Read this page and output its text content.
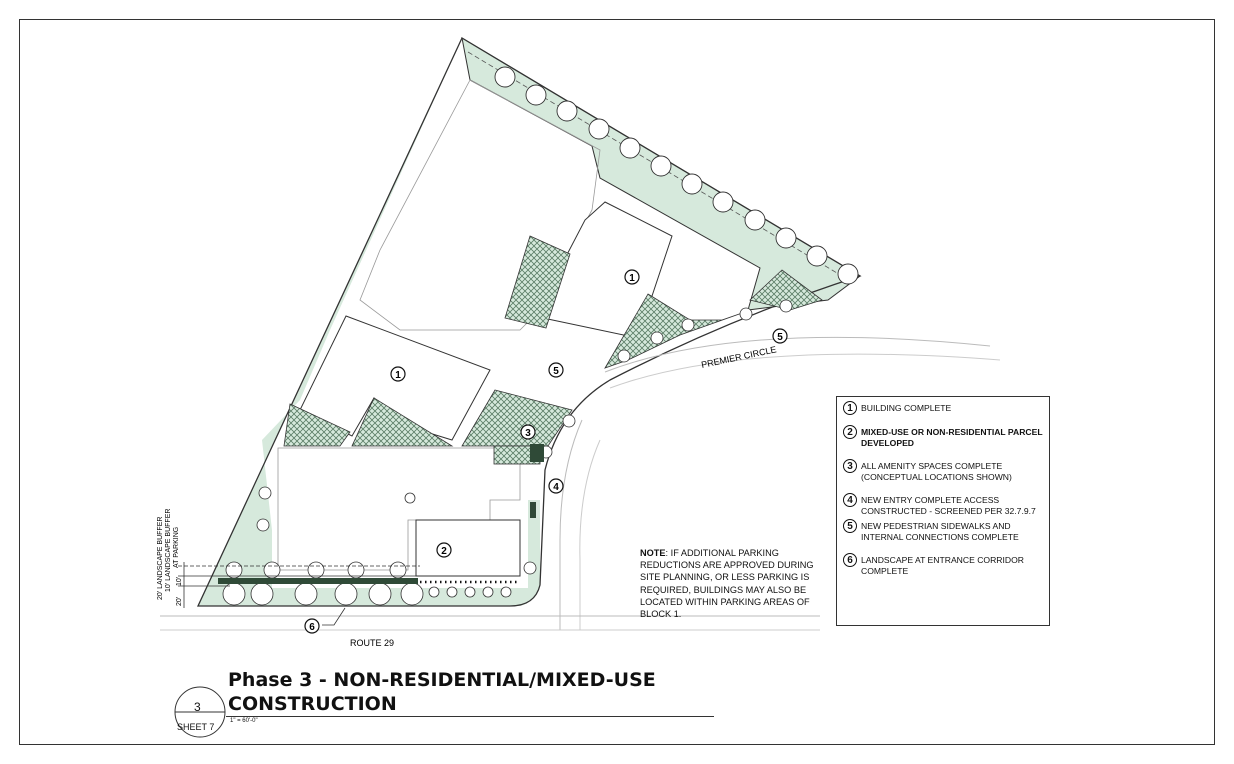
20' LANDSCAPE BUFFER 10' LANDSCAPE BUFFER AT PARKING
10'
20'
PREMIER CIRCLE
ROUTE 29
1
1
2
3
4
5
5
6
1 BUILDING COMPLETE
2 MIXED-USE OR NON-RESIDENTIAL PARCEL DEVELOPED
3 ALL AMENITY SPACES COMPLETE (CONCEPTUAL LOCATIONS SHOWN)
4 NEW ENTRY COMPLETE ACCESS CONSTRUCTED - SCREENED PER 32.7.9.7
5 NEW PEDESTRIAN SIDEWALKS AND INTERNAL CONNECTIONS COMPLETE
6 LANDSCAPE AT ENTRANCE CORRIDOR COMPLETE
NOTE: IF ADDITIONAL PARKING REDUCTIONS ARE APPROVED DURING SITE PLANNING, OR LESS PARKING IS REQUIRED, BUILDINGS MAY ALSO BE LOCATED WITHIN PARKING AREAS OF BLOCK 1.
Phase 3 - NON-RESIDENTIAL/MIXED-USE
CONSTRUCTION
3
SHEET 7
1" = 60'-0"
